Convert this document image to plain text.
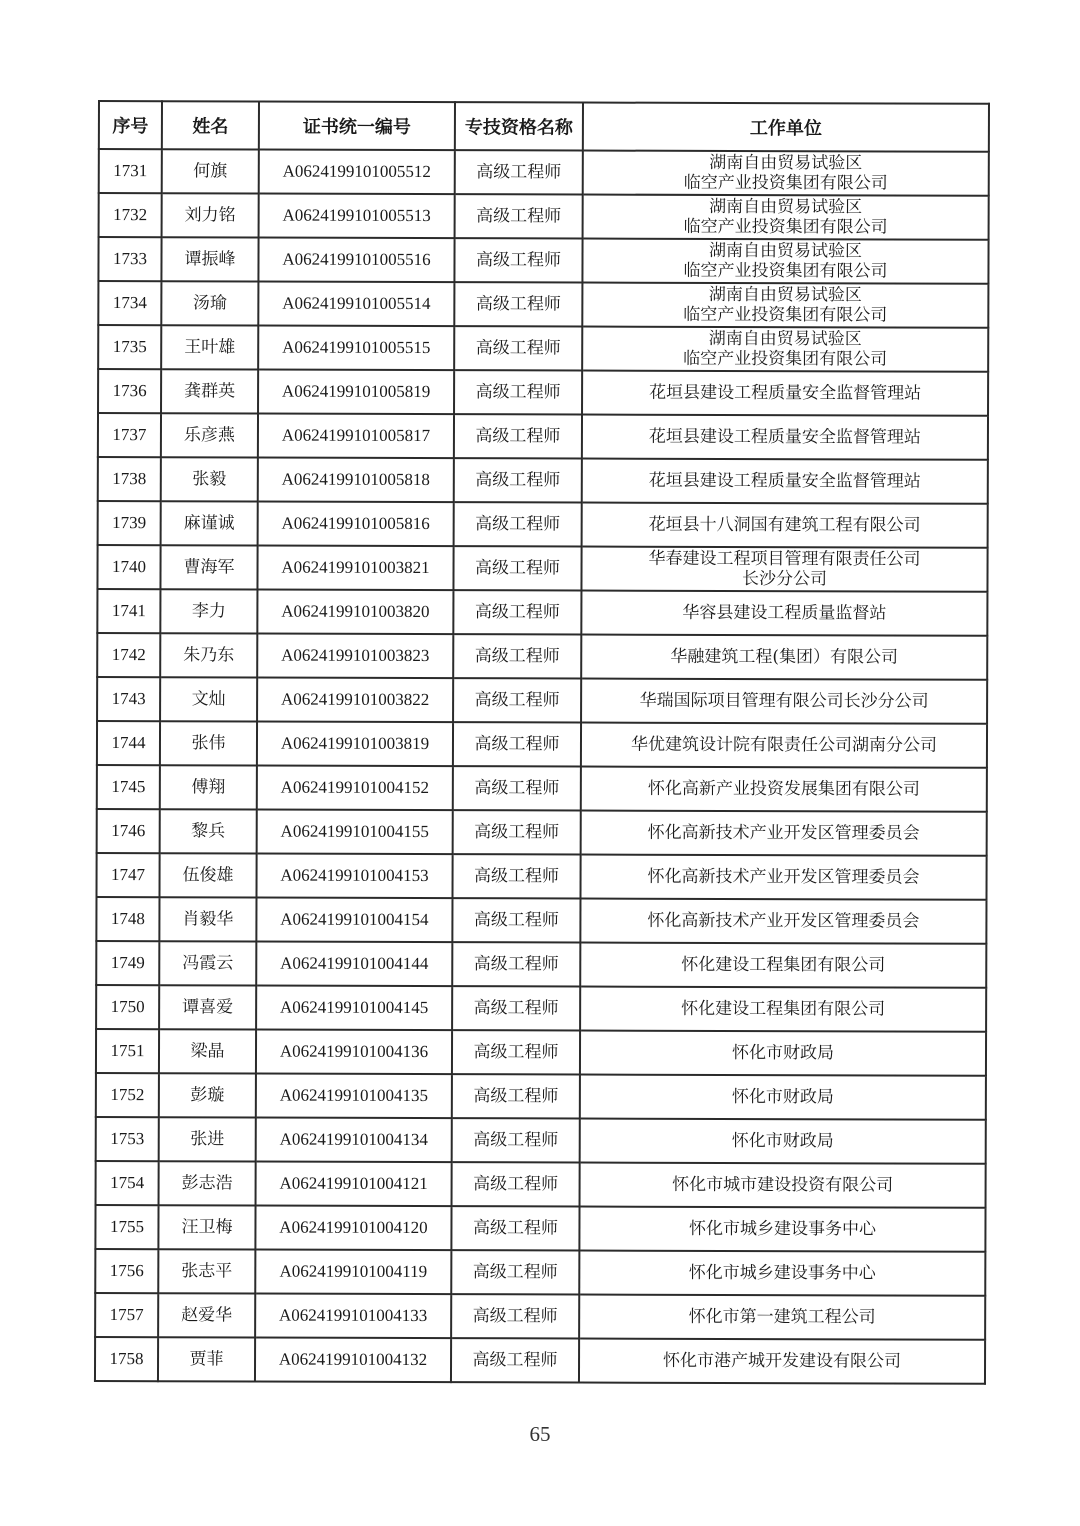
序号	姓名	证书统一编号	专技资格名称	工作单位
1731	何旗	A0624199101005512	高级工程师	湖南自由贸易试验区
临空产业投资集团有限公司

1732	刘力铭	A0624199101005513	高级工程师	湖南自由贸易试验区
临空产业投资集团有限公司

1733	谭振峰	A0624199101005516	高级工程师	湖南自由贸易试验区
临空产业投资集团有限公司

1734	汤瑜	A0624199101005514	高级工程师	湖南自由贸易试验区
临空产业投资集团有限公司

1735	王叶雄	A0624199101005515	高级工程师	湖南自由贸易试验区
临空产业投资集团有限公司

1736	龚群英	A0624199101005819	高级工程师	花垣县建设工程质量安全监督管理站

1737	乐彦燕	A0624199101005817	高级工程师	花垣县建设工程质量安全监督管理站

1738	张毅	A0624199101005818	高级工程师	花垣县建设工程质量安全监督管理站

1739	麻谨诚	A0624199101005816	高级工程师	花垣县十八洞国有建筑工程有限公司

1740	曹海军	A0624199101003821	高级工程师	华春建设工程项目管理有限责任公司
长沙分公司

1741	李力	A0624199101003820	高级工程师	华容县建设工程质量监督站

1742	朱乃东	A0624199101003823	高级工程师	华融建筑工程(集团）有限公司

1743	文灿	A0624199101003822	高级工程师	华瑞国际项目管理有限公司长沙分公司

1744	张伟	A0624199101003819	高级工程师	华优建筑设计院有限责任公司湖南分公司

1745	傅翔	A0624199101004152	高级工程师	怀化高新产业投资发展集团有限公司

1746	黎兵	A0624199101004155	高级工程师	怀化高新技术产业开发区管理委员会

1747	伍俊雄	A0624199101004153	高级工程师	怀化高新技术产业开发区管理委员会

1748	肖毅华	A0624199101004154	高级工程师	怀化高新技术产业开发区管理委员会

1749	冯霞云	A0624199101004144	高级工程师	怀化建设工程集团有限公司

1750	谭喜爱	A0624199101004145	高级工程师	怀化建设工程集团有限公司

1751	梁晶	A0624199101004136	高级工程师	怀化市财政局

1752	彭璇	A0624199101004135	高级工程师	怀化市财政局

1753	张进	A0624199101004134	高级工程师	怀化市财政局

1754	彭志浩	A0624199101004121	高级工程师	怀化市城市建设投资有限公司

1755	汪卫梅	A0624199101004120	高级工程师	怀化市城乡建设事务中心

1756	张志平	A0624199101004119	高级工程师	怀化市城乡建设事务中心

1757	赵爱华	A0624199101004133	高级工程师	怀化市第一建筑工程公司

1758	贾菲	A0624199101004132	高级工程师	怀化市港产城开发建设有限公司
65
